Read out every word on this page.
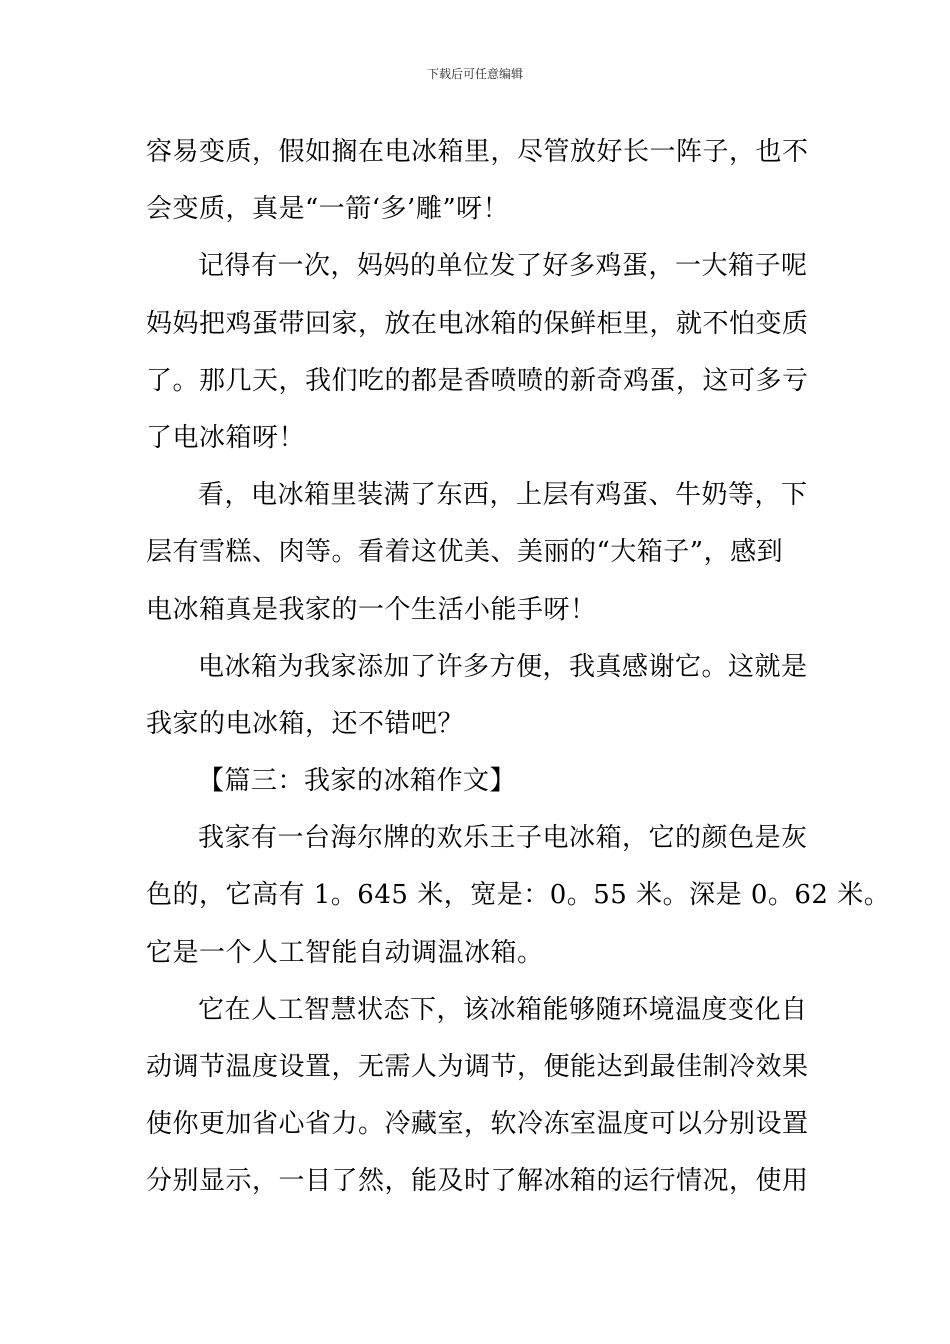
下载后可任意编辑
容易变质，假如搁在电冰箱里，尽管放好长一阵子，也不
会变质，真是“一箭‘多’雕”呀！
记得有一次，妈妈的单位发了好多鸡蛋，一大箱子呢
妈妈把鸡蛋带回家，放在电冰箱的保鲜柜里，就不怕变质
了。那几天，我们吃的都是香喷喷的新奇鸡蛋，这可多亏
了电冰箱呀！
看，电冰箱里装满了东西，上层有鸡蛋、牛奶等，下
层有雪糕、肉等。看着这优美、美丽的“大箱子”，感到
电冰箱真是我家的一个生活小能手呀！
电冰箱为我家添加了许多方便，我真感谢它。这就是
我家的电冰箱，还不错吧？
【篇三：我家的冰箱作文】
我家有一台海尔牌的欢乐王子电冰箱，它的颜色是灰
色的，它高有 1。645 米，宽是：0。55 米。深是 0。62 米。
它是一个人工智能自动调温冰箱。
它在人工智慧状态下，该冰箱能够随环境温度变化自
动调节温度设置，无需人为调节，便能达到最佳制冷效果
使你更加省心省力。冷藏室，软冷冻室温度可以分别设置
分别显示，一目了然，能及时了解冰箱的运行情况，使用
